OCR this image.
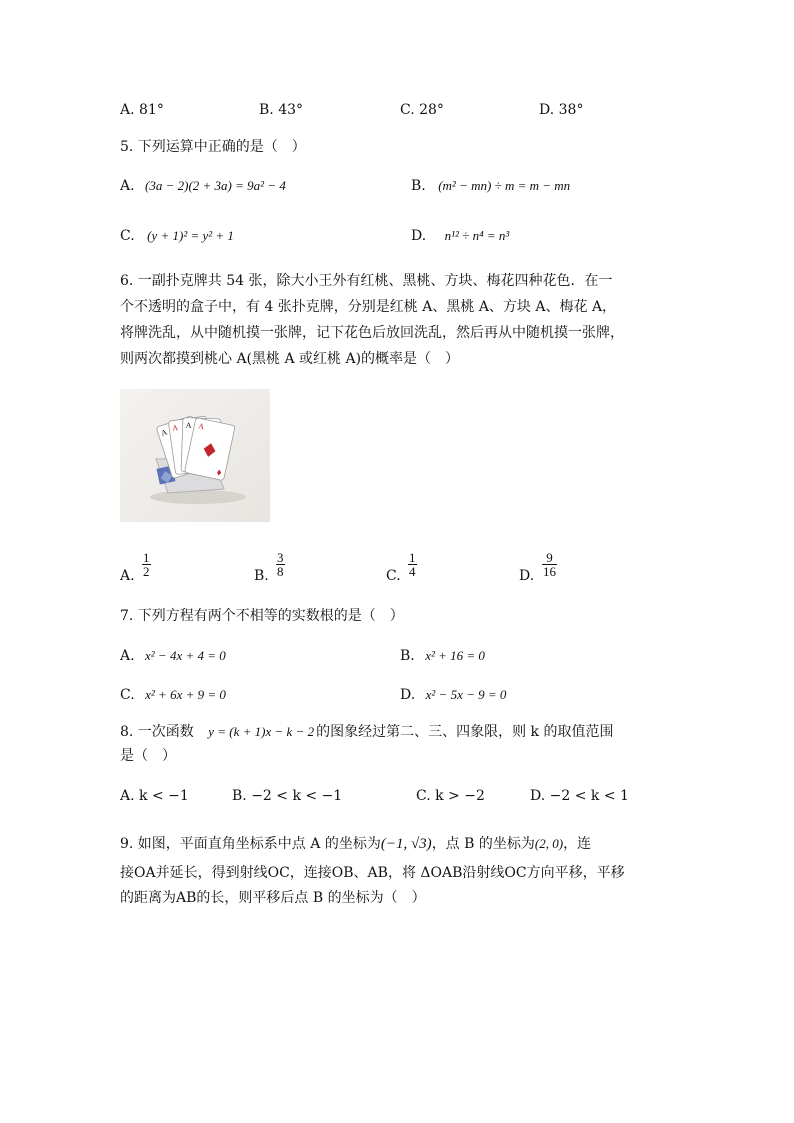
A. 81°	B. 43°	C. 28°	D. 38°
5. 下列运算中正确的是（　）
A. (3a − 2)(2 + 3a) = 9a² − 4	B. (m² − mn) ÷ m = m − mn
C. (y + 1)² = y² + 1	D. n¹² ÷ n⁴ = n³
6. 一副扑克牌共 54 张，除大小王外有红桃、黑桃、方块、梅花四种花色．在一
个不透明的盒子中，有 4 张扑克牌，分别是红桃 A、黑桃 A、方块 A、梅花 A，
将牌洗乱，从中随机摸一张牌，记下花色后放回洗乱，然后再从中随机摸一张牌，
则两次都摸到桃心 A(黑桃 A 或红桃 A)的概率是（　）
A A A A
A. $\frac{1}{2}$	B. $\frac{3}{8}$	C. $\frac{1}{4}$	D. $\frac{9}{16}$
7. 下列方程有两个不相等的实数根的是（　）
A. x² − 4x + 4 = 0	B. x² + 16 = 0
C. x² + 6x + 9 = 0	D. x² − 5x − 9 = 0
8. 一次函数 y = (k + 1)x − k − 2 的图象经过第二、三、四象限，则 k 的取值范围
是（　）
A. k < −1	B. −2 < k < −1	C. k > −2	D. −2 < k < 1
9. 如图，平面直角坐标系中点 A 的坐标为(−1, √3)，点 B 的坐标为(2, 0)，连
接OA并延长，得到射线OC，连接OB、AB，将 ΔOAB沿射线OC方向平移，平移
的距离为AB的长，则平移后点 B 的坐标为（　）
